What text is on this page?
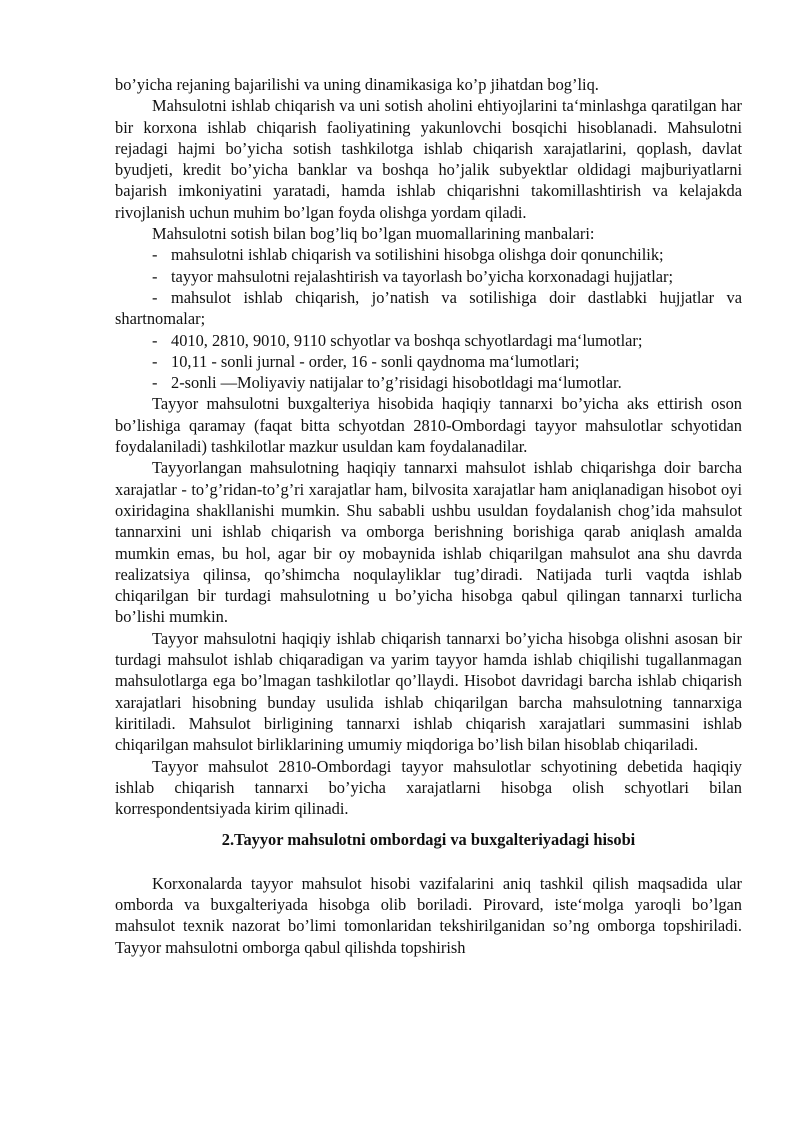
bo’yicha rejaning bajarilishi va uning dinamikasiga ko’p jihatdan bog’liq.

Mahsulotni ishlab chiqarish va uni sotish aholini ehtiyojlarini ta‘minlashga qaratilgan har bir korxona ishlab chiqarish faoliyatining yakunlovchi bosqichi hisoblanadi. Mahsulotni rejadagi hajmi bo’yicha sotish tashkilotga ishlab chiqarish xarajatlarini, qoplash, davlat byudjeti, kredit bo’yicha banklar va boshqa ho’jalik subyektlar oldidagi majburiyatlarni bajarish imkoniyatini yaratadi, hamda ishlab chiqarishni takomillashtirish va kelajakda rivojlanish uchun muhim bo’lgan foyda olishga yordam qiladi.

Mahsulotni sotish bilan bog’liq bo’lgan muomallarining manbalari:

- mahsulotni ishlab chiqarish va sotilishini hisobga olishga doir qonunchilik;

- tayyor mahsulotni rejalashtirish va tayorlash bo’yicha korxonadagi hujjatlar;

- mahsulot ishlab chiqarish, jo’natish va sotilishiga doir dastlabki hujjatlar va shartnomalar;

- 4010, 2810, 9010, 9110 schyotlar va boshqa schyotlardagi ma‘lumotlar;

- 10,11 - sonli jurnal - order, 16 - sonli qaydnoma ma‘lumotlari;

- 2-sonli —Moliyaviy natijalar to’g’risidagi hisobotldagi ma‘lumotlar.

Tayyor mahsulotni buxgalteriya hisobida haqiqiy tannarxi bo’yicha aks ettirish oson bo’lishiga qaramay (faqat bitta schyotdan 2810-Ombordagi tayyor mahsulotlar schyotidan foydalaniladi) tashkilotlar mazkur usuldan kam foydalanadilar.

Tayyorlangan mahsulotning haqiqiy tannarxi mahsulot ishlab chiqarishga doir barcha xarajatlar - to’g’ridan-to’g’ri xarajatlar ham, bilvosita xarajatlar ham aniqlanadigan hisobot oyi oxiridagina shakllanishi mumkin. Shu sababli ushbu usuldan foydalanish chog’ida mahsulot tannarxini uni ishlab chiqarish va omborga berishning borishiga qarab aniqlash amalda mumkin emas, bu hol, agar bir oy mobaynida ishlab chiqarilgan mahsulot ana shu davrda realizatsiya qilinsa, qo’shimcha noqulayliklar tug’diradi. Natijada turli vaqtda ishlab chiqarilgan bir turdagi mahsulotning u bo’yicha hisobga qabul qilingan tannarxi turlicha bo’lishi mumkin.

Tayyor mahsulotni haqiqiy ishlab chiqarish tannarxi bo’yicha hisobga olishni asosan bir turdagi mahsulot ishlab chiqaradigan va yarim tayyor hamda ishlab chiqilishi tugallanmagan mahsulotlarga ega bo’lmagan tashkilotlar qo’llaydi. Hisobot davridagi barcha ishlab chiqarish xarajatlari hisobning bunday usulida ishlab chiqarilgan barcha mahsulotning tannarxiga kiritiladi. Mahsulot birligining tannarxi ishlab chiqarish xarajatlari summasini ishlab chiqarilgan mahsulot birliklarining umumiy miqdoriga bo’lish bilan hisoblab chiqariladi.

Tayyor mahsulot 2810-Ombordagi tayyor mahsulotlar schyotining debetida haqiqiy ishlab chiqarish tannarxi bo’yicha xarajatlarni hisobga olish schyotlari bilan korrespondentsiyada kirim qilinadi.

2.Tayyor mahsulotni ombordagi va buxgalteriyadagi hisobi

Korxonalarda tayyor mahsulot hisobi vazifalarini aniq tashkil qilish maqsadida ular omborda va buxgalteriyada hisobga olib boriladi. Pirovard, iste‘molga yaroqli bo’lgan mahsulot texnik nazorat bo’limi tomonlaridan tekshirilganidan so’ng omborga topshiriladi. Tayyor mahsulotni omborga qabul qilishda topshirish
